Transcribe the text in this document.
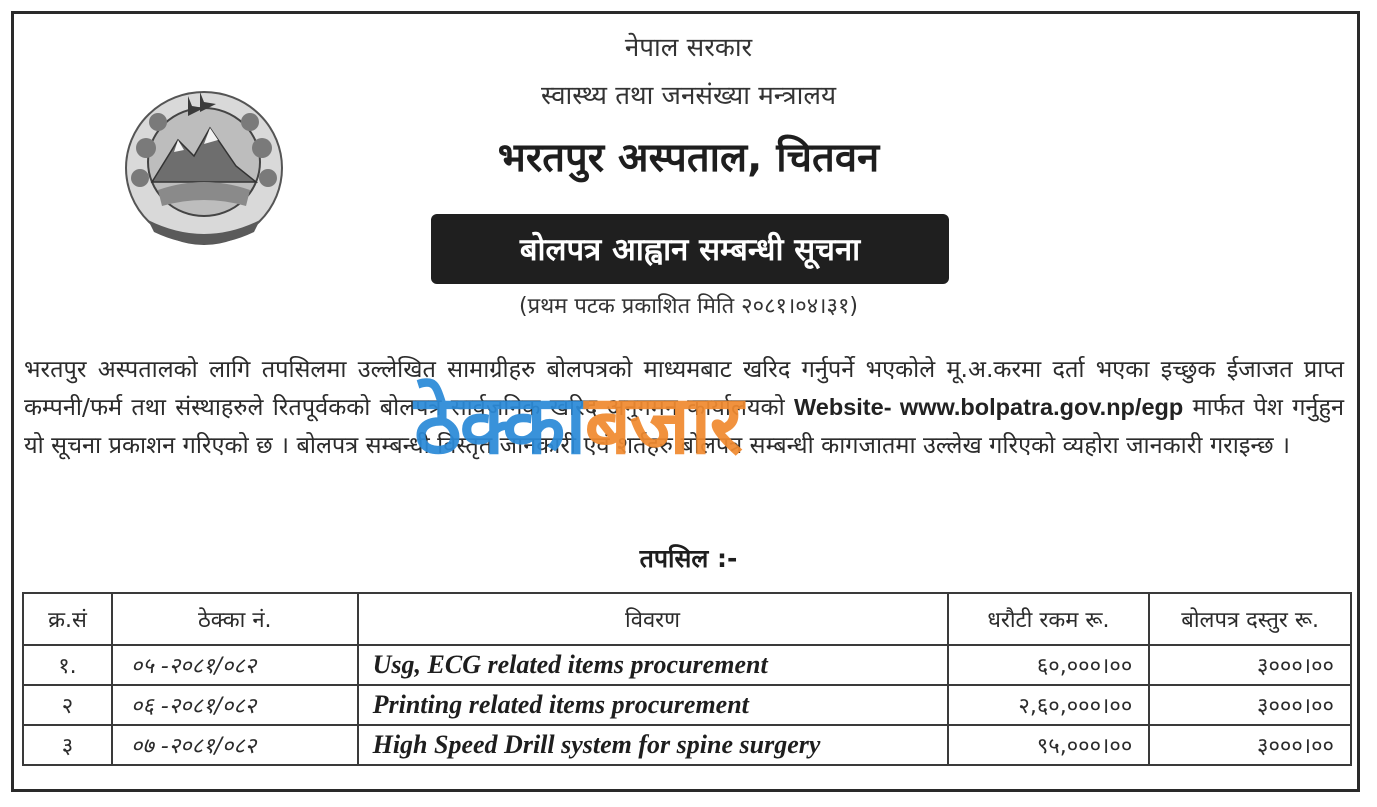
नेपाल सरकार
स्वास्थ्य तथा जनसंख्या मन्त्रालय
भरतपुर अस्पताल, चितवन
बोलपत्र आह्वान सम्बन्धी सूचना
(प्रथम पटक प्रकाशित मिति २०८१।०४।३१)

भरतपुर अस्पतालको लागि तपसिलमा उल्लेखित सामाग्रीहरु बोलपत्रको माध्यमबाट खरिद गर्नुपर्ने भएकोले मू.अ.करमा दर्ता भएका इच्छुक ईजाजत प्राप्त कम्पनी/फर्म तथा संस्थाहरुले रितपूर्वकको बोलपत्र सार्वजनिक खरिद अनुगमन कार्यालयको Website- www.bolpatra.gov.np/egp मार्फत पेश गर्नुहुन यो सूचना प्रकाशन गरिएको छ । बोलपत्र सम्बन्धी विस्तृत जानकारी एवं शर्तहरु बोलपत्र सम्बन्धी कागजातमा उल्लेख गरिएको व्यहोरा जानकारी गराइन्छ ।

ठेक्काबजार
तपसिल :-
क्र.सं	ठेक्का नं.	विवरण	धरौटी रकम रू.	बोलपत्र दस्तुर रू.
१.	०५ -२०८१/०८२	Usg, ECG related items procurement	६०,०००।००	३०००।००
२	०६ -२०८१/०८२	Printing related items procurement	२,६०,०००।००	३०००।००
३	०७ -२०८१/०८२	High Speed Drill system for spine surgery	९५,०००।००	३०००।००
